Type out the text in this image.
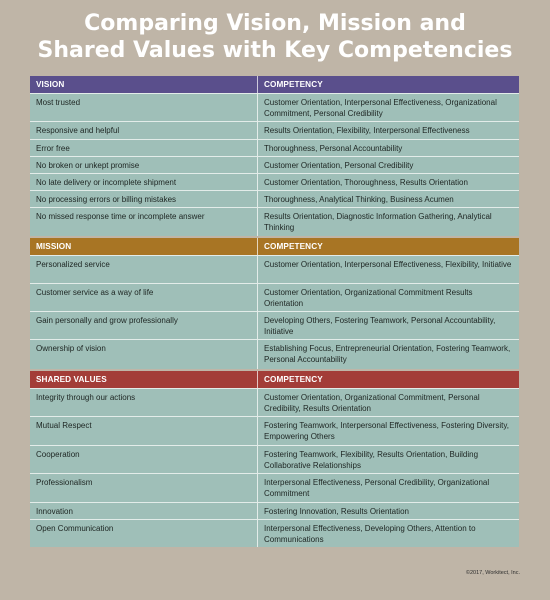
Comparing Vision, Mission and
Shared Values with Key Competencies
VISION	COMPETENCY
Most trusted	Customer Orientation, Interpersonal Effectiveness, Organizational Commitment, Personal Credibility
Responsive and helpful	Results Orientation, Flexibility, Interpersonal Effectiveness
Error free	Thoroughness, Personal Accountability
No broken or unkept promise	Customer Orientation, Personal Credibility
No late delivery or incomplete shipment	Customer Orientation, Thoroughness, Results Orientation
No processing errors or billing mistakes	Thoroughness, Analytical Thinking, Business Acumen
No missed response time or incomplete answer	Results Orientation, Diagnostic Information Gathering, Analytical Thinking
MISSION	COMPETENCY
Personalized service	Customer Orientation, Interpersonal Effectiveness, Flexibility, Initiative
Customer service as a way of life	Customer Orientation, Organizational Commitment Results Orientation
Gain personally and grow professionally	Developing Others, Fostering Teamwork, Personal Accountability, Initiative
Ownership of vision	Establishing Focus, Entrepreneurial Orientation, Fostering Teamwork, Personal Accountability
SHARED VALUES	COMPETENCY
Integrity through our actions	Customer Orientation, Organizational Commitment, Personal Credibility, Results Orientation
Mutual Respect	Fostering Teamwork, Interpersonal Effectiveness, Fostering Diversity, Empowering Others
Cooperation	Fostering Teamwork, Flexibility, Results Orientation, Building Collaborative Relationships
Professionalism	Interpersonal Effectiveness, Personal Credibility, Organizational Commitment
Innovation	Fostering Innovation, Results Orientation
Open Communication	Interpersonal Effectiveness, Developing Others, Attention to Communications
©2017, Workitect, Inc.
